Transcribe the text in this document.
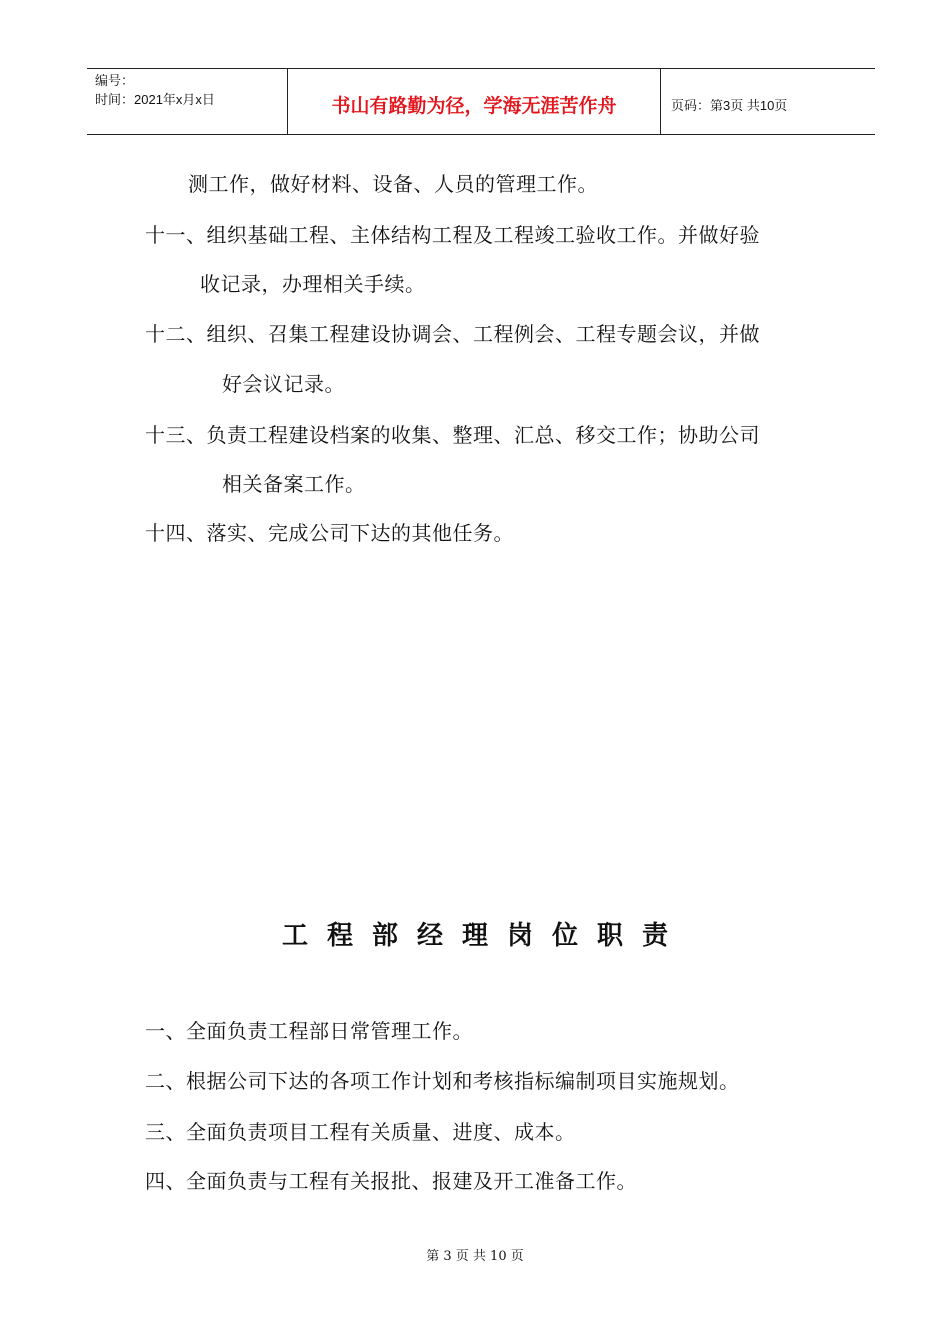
编号：
时间：2021年x月x日	书山有路勤为径，学海无涯苦作舟	页码：第3页 共10页
测工作，做好材料、设备、人员的管理工作。
十一、组织基础工程、主体结构工程及工程竣工验收工作。并做好验
收记录，办理相关手续。
十二、组织、召集工程建设协调会、工程例会、工程专题会议，并做
好会议记录。
十三、负责工程建设档案的收集、整理、汇总、移交工作；协助公司
相关备案工作。
十四、落实、完成公司下达的其他任务。
工程部经理岗位职责
一、全面负责工程部日常管理工作。
二、根据公司下达的各项工作计划和考核指标编制项目实施规划。
三、全面负责项目工程有关质量、进度、成本。
四、全面负责与工程有关报批、报建及开工准备工作。
第 3 页 共 10 页
